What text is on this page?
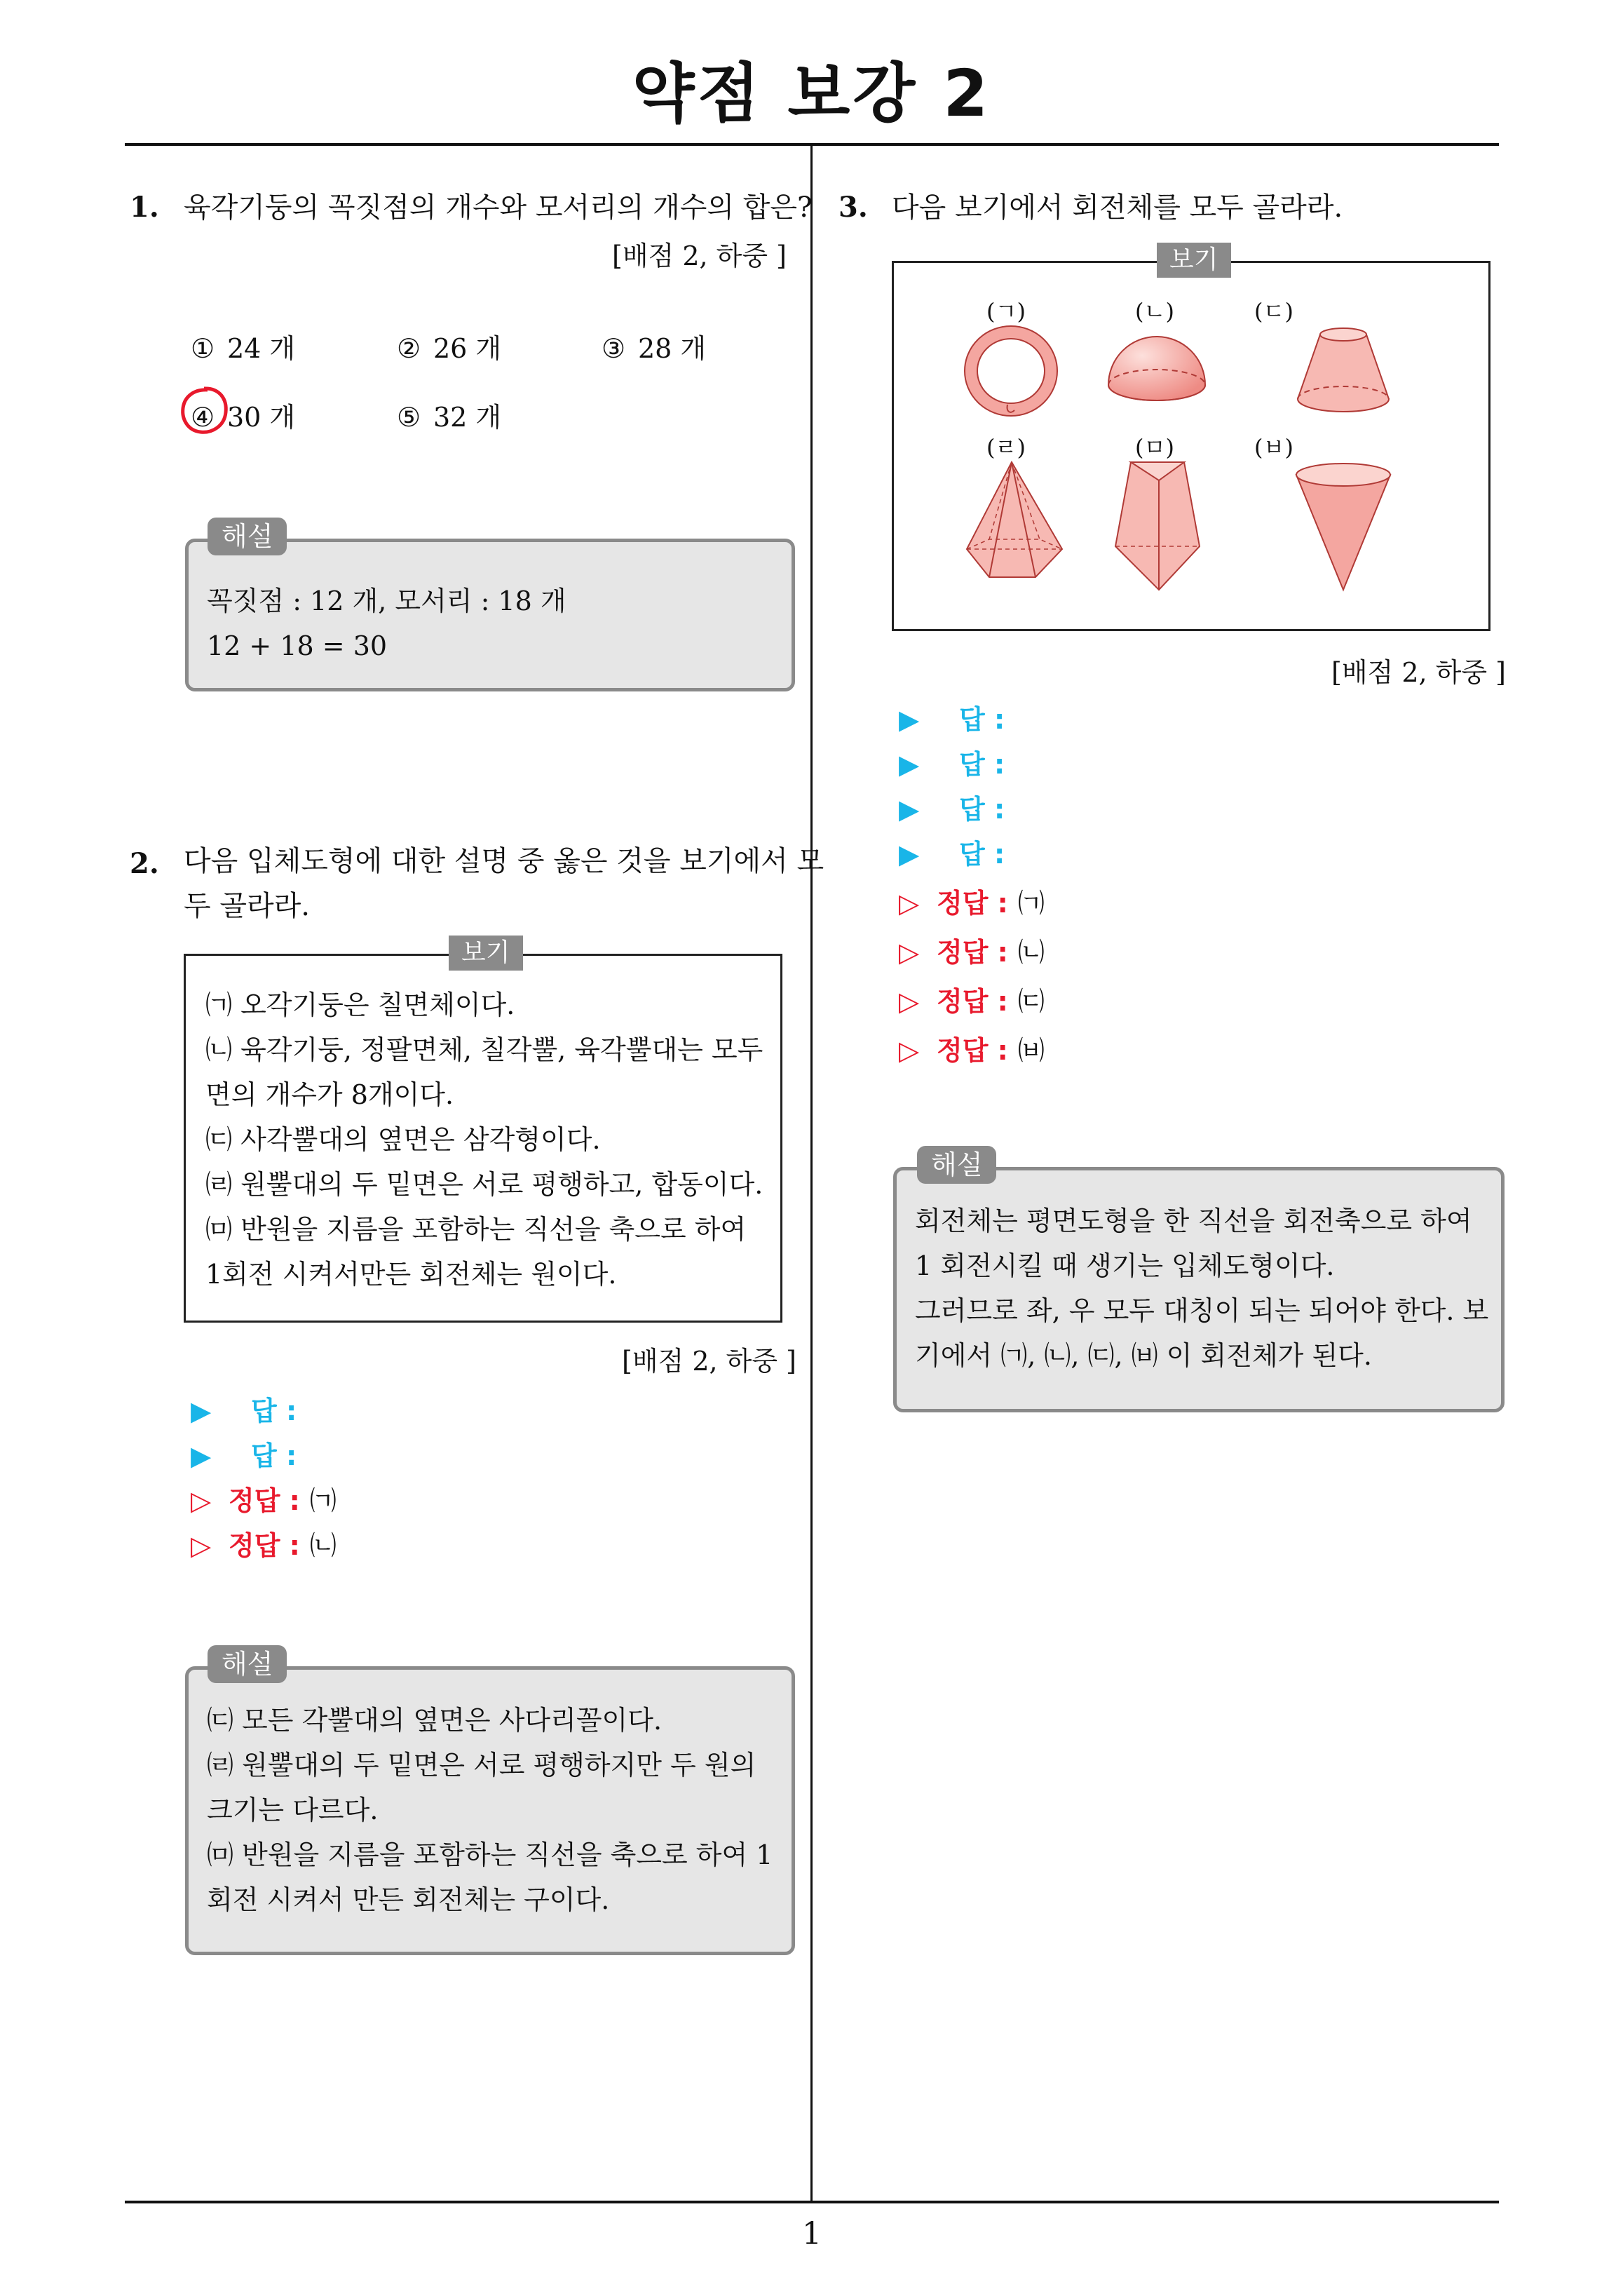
약점 보강 2
1
1. 육각기둥의 꼭짓점의 개수와 모서리의 개수의 합은?
[배점 2, 하중 ]
① 24 개	② 26 개	③ 28 개
④ 30 개	⑤ 32 개
꼭짓점 : 12 개, 모서리 : 18 개
12 + 18 = 30
해설
2. 다음 입체도형에 대한 설명 중 옳은 것을 보기에서 모
두 골라라.
㈀ 오각기둥은 칠면체이다.
㈁ 육각기둥, 정팔면체, 칠각뿔, 육각뿔대는 모두
면의 개수가 8개이다.
㈂ 사각뿔대의 옆면은 삼각형이다.
㈃ 원뿔대의 두 밑면은 서로 평행하고, 합동이다.
㈄ 반원을 지름을 포함하는 직선을 축으로 하여
1회전 시켜서만든 회전체는 원이다.
보기
[배점 2, 하중 ]
▶ 답 :
▶ 답 :
▷ 정답 : ㈀
▷ 정답 : ㈁
㈂ 모든 각뿔대의 옆면은 사다리꼴이다.
㈃ 원뿔대의 두 밑면은 서로 평행하지만 두 원의
크기는 다르다.
㈄ 반원을 지름을 포함하는 직선을 축으로 하여 1
회전 시켜서 만든 회전체는 구이다.
해설
3. 다음 보기에서 회전체를 모두 골라라.
(ㄱ)	(ㄴ)	(ㄷ)
(ㄹ)	(ㅁ)	(ㅂ)
보기
[배점 2, 하중 ]
▶ 답 :
▶ 답 :
▶ 답 :
▶ 답 :
▷ 정답 : ㈀
▷ 정답 : ㈁
▷ 정답 : ㈂
▷ 정답 : ㈅
회전체는 평면도형을 한 직선을 회전축으로 하여
1 회전시킬 때 생기는 입체도형이다.
그러므로 좌, 우 모두 대칭이 되는 되어야 한다. 보
기에서 ㈀, ㈁, ㈂, ㈅ 이 회전체가 된다.
해설
